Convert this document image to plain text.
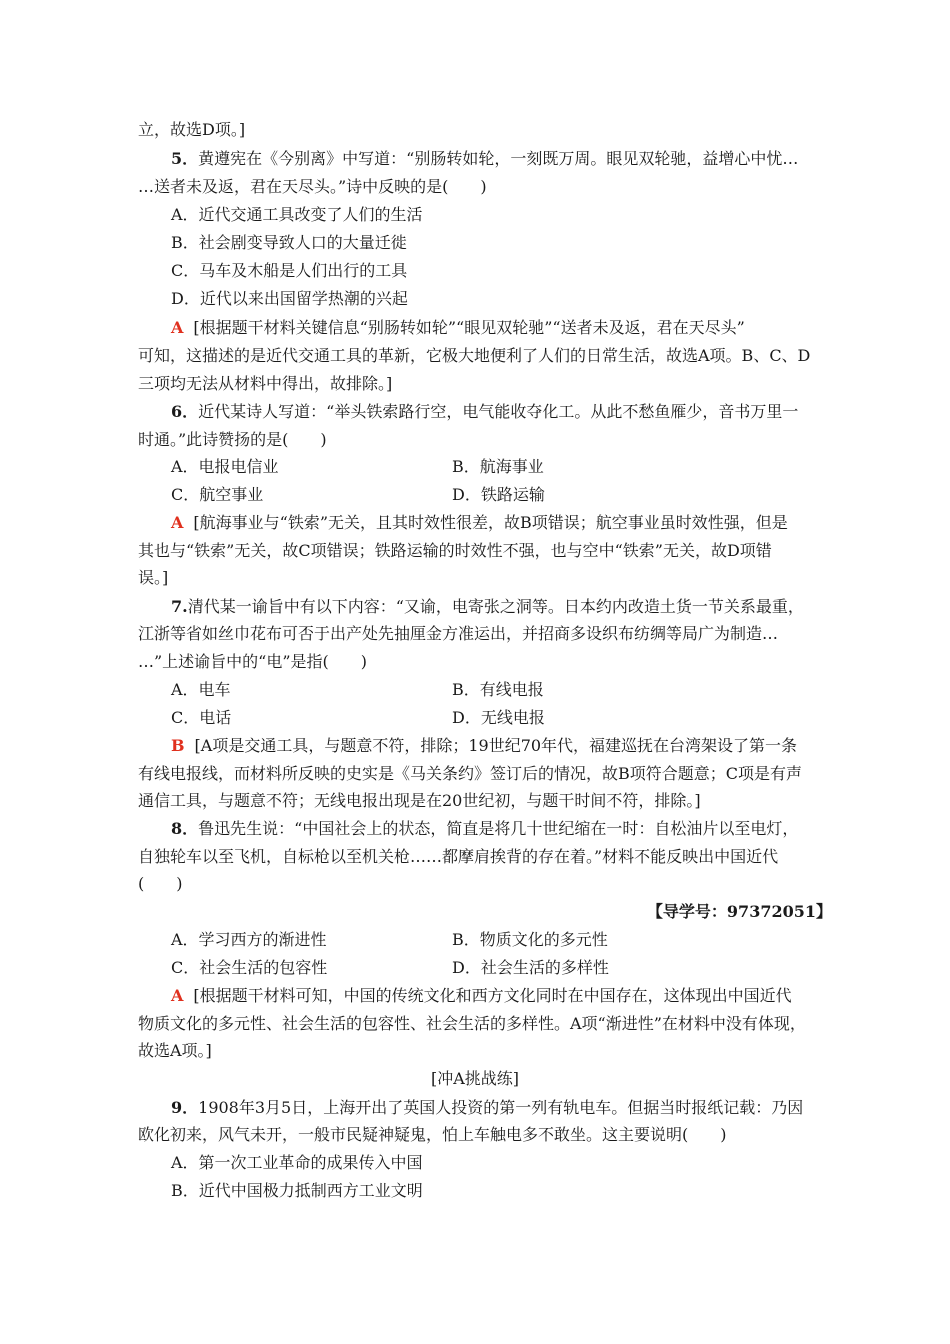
立，故选D项。]
5．黄遵宪在《今别离》中写道：“别肠转如轮，一刻既万周。眼见双轮驰，益增心中忧…
…送者未及返，君在天尽头。”诗中反映的是(　　)
A．近代交通工具改变了人们的生活
B．社会剧变导致人口的大量迁徙
C．马车及木船是人们出行的工具
D．近代以来出国留学热潮的兴起
A [根据题干材料关键信息“别肠转如轮”“眼见双轮驰”“送者未及返，君在天尽头”
可知，这描述的是近代交通工具的革新，它极大地便利了人们的日常生活，故选A项。B、C、D
三项均无法从材料中得出，故排除。]
6．近代某诗人写道：“举头铁索路行空，电气能收夺化工。从此不愁鱼雁少，音书万里一
时通。”此诗赞扬的是(　　)
A．电报电信业	B．航海事业
C．航空事业	D．铁路运输
A [航海事业与“铁索”无关，且其时效性很差，故B项错误；航空事业虽时效性强，但是
其也与“铁索”无关，故C项错误；铁路运输的时效性不强，也与空中“铁索”无关，故D项错
误。]
7.清代某一谕旨中有以下内容：“又谕，电寄张之洞等。日本约内改造土货一节关系最重，
江浙等省如丝巾花布可否于出产处先抽厘金方准运出，并招商多设织布纺绸等局广为制造…
…”上述谕旨中的“电”是指(　　)
A．电车	B．有线电报
C．电话	D．无线电报
B [A项是交通工具，与题意不符，排除；19世纪70年代，福建巡抚在台湾架设了第一条
有线电报线，而材料所反映的史实是《马关条约》签订后的情况，故B项符合题意；C项是有声
通信工具，与题意不符；无线电报出现是在20世纪初，与题干时间不符，排除。]
8．鲁迅先生说：“中国社会上的状态，简直是将几十世纪缩在一时：自松油片以至电灯，
自独轮车以至飞机，自标枪以至机关枪……都摩肩挨背的存在着。”材料不能反映出中国近代
(　　)
【导学号：97372051】
A．学习西方的渐进性	B．物质文化的多元性
C．社会生活的包容性	D．社会生活的多样性
A [根据题干材料可知，中国的传统文化和西方文化同时在中国存在，这体现出中国近代
物质文化的多元性、社会生活的包容性、社会生活的多样性。A项“渐进性”在材料中没有体现，
故选A项。]
[冲A挑战练]
9．1908年3月5日，上海开出了英国人投资的第一列有轨电车。但据当时报纸记载：乃因
欧化初来，风气未开，一般市民疑神疑鬼，怕上车触电多不敢坐。这主要说明(　　)
A．第一次工业革命的成果传入中国
B．近代中国极力抵制西方工业文明
